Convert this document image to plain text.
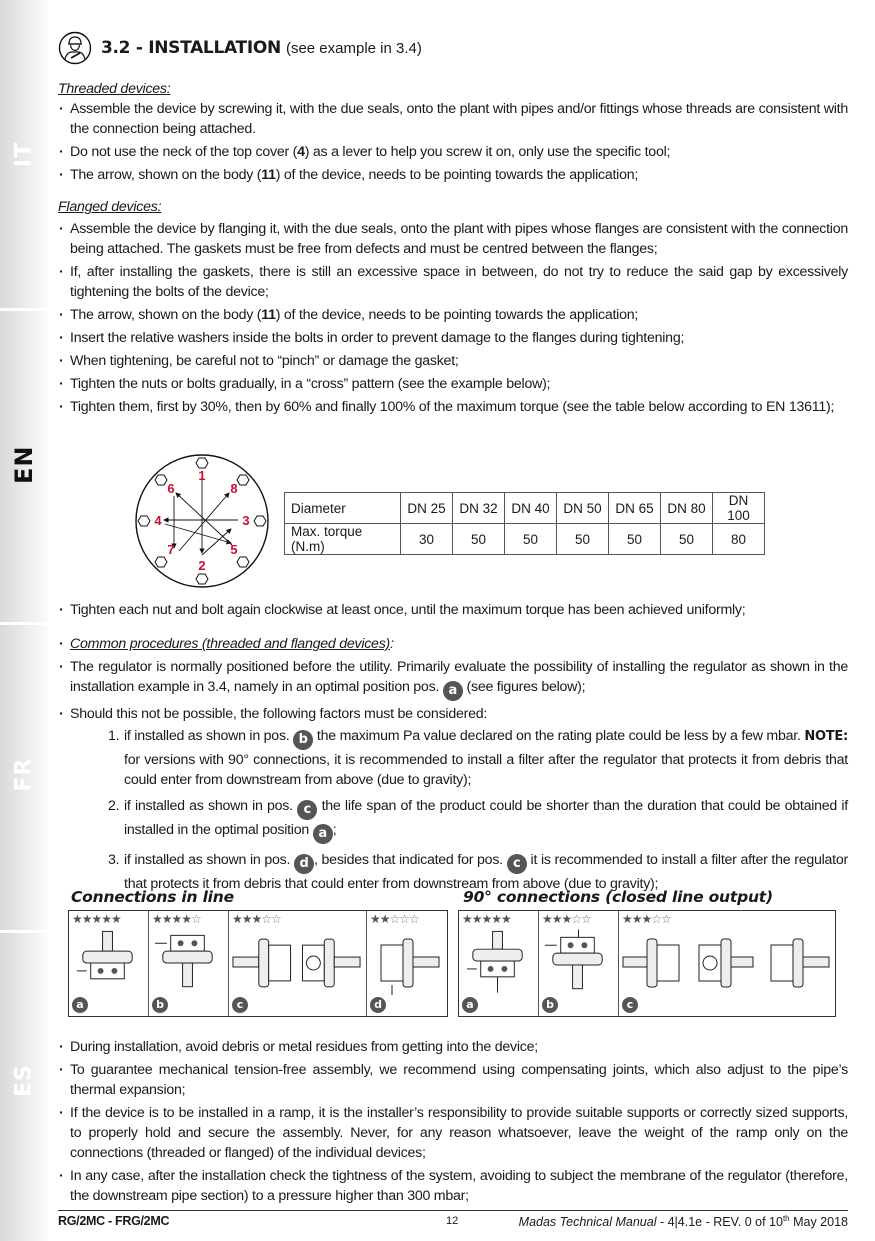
IT
EN
FR
ES
3.2 - INSTALLATION (see example in 3.4)
Threaded devices:
· Assemble the device by screwing it, with the due seals, onto the plant with pipes and/or fittings whose threads are consistent with the connection being attached.
· Do not use the neck of the top cover (4) as a lever to help you screw it on, only use the specific tool;
· The arrow, shown on the body (11) of the device, needs to be pointing towards the application;
Flanged devices:
· Assemble the device by flanging it, with the due seals, onto the plant with pipes whose flanges are consistent with the connection being attached. The gaskets must be free from defects and must be centred between the flanges;
· If, after installing the gaskets, there is still an excessive space in between, do not try to reduce the said gap by excessively tightening the bolts of the device;
· The arrow, shown on the body (11) of the device, needs to be pointing towards the application;
· Insert the relative washers inside the bolts in order to prevent damage to the flanges during tightening;
· When tightening, be careful not to “pinch” or damage the gasket;
· Tighten the nuts or bolts gradually, in a “cross” pattern (see the example below);
· Tighten them, first by 30%, then by 60% and finally 100% of the maximum torque (see the table below according to EN 13611);
1
2
3
4
5
6
7
8
Diameter	DN 25	DN 32	DN 40	DN 50	DN 65	DN 80	DN 100
Max. torque (N.m)	30	50	50	50	50	50	80
· Tighten each nut and bolt again clockwise at least once, until the maximum torque has been achieved uniformly;
· Common procedures (threaded and flanged devices):
· The regulator is normally positioned before the utility. Primarily evaluate the possibility of installing the regulator as shown in the installation example in 3.4, namely in an optimal position pos. a (see figures below);
· Should this not be possible, the following factors must be considered:
1. if installed as shown in pos. b the maximum Pa value declared on the rating plate could be less by a few mbar. NOTE: for versions with 90° connections, it is recommended to install a filter after the regulator that protects it from debris that could enter from downstream from above (due to gravity);
2. if installed as shown in pos. c the life span of the product could be shorter than the duration that could be obtained if installed in the optimal position a ;
3. if installed as shown in pos. d , besides that indicated for pos. c it is recommended to install a filter after the regulator that protects it from debris that could enter from downstream from above (due to gravity);
Connections in line	90° connections (closed line output)
★★★★★
a
★★★★☆
b
★★★☆☆
c
★★☆☆☆
d
★★★★★
a
★★★☆☆
b
★★★☆☆
c
· During installation, avoid debris or metal residues from getting into the device;
· To guarantee mechanical tension-free assembly, we recommend using compensating joints, which also adjust to the pipe’s thermal expansion;
· If the device is to be installed in a ramp, it is the installer’s responsibility to provide suitable supports or correctly sized supports, to properly hold and secure the assembly. Never, for any reason whatsoever, leave the weight of the ramp only on the connections (threaded or flanged) of the individual devices;
· In any case, after the installation check the tightness of the system, avoiding to subject the membrane of the regulator (therefore, the downstream pipe section) to a pressure higher than 300 mbar;
RG/2MC - FRG/2MC	12	Madas Technical Manual - 4|4.1e - REV. 0 of 10th May 2018
